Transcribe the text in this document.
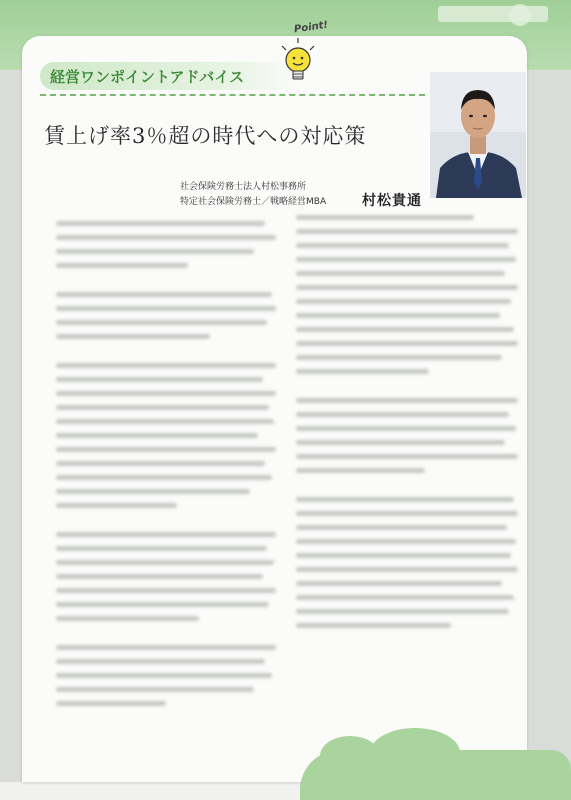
経営ワンポイントアドバイス
Point!
賃上げ率3％超の時代への対応策
社会保険労務士法人村松事務所
特定社会保険労務士／戦略経営MBA	村松貴通
